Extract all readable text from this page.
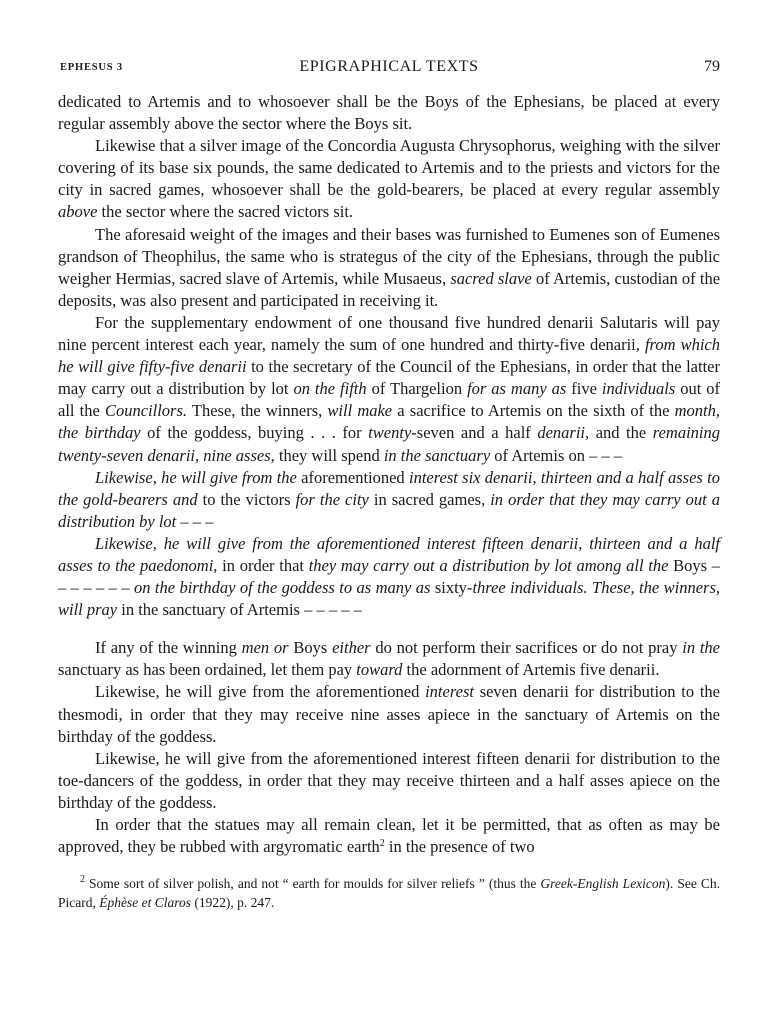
EPHESUS 3	EPIGRAPHICAL TEXTS	79

dedicated to Artemis and to whosoever shall be the Boys of the Ephesians, be placed at every regular assembly above the sector where the Boys sit.

Likewise that a silver image of the Concordia Augusta Chrysophorus, weighing with the silver covering of its base six pounds, the same dedicated to Artemis and to the priests and victors for the city in sacred games, whosoever shall be the gold-bearers, be placed at every regular assembly above the sector where the sacred victors sit.

The aforesaid weight of the images and their bases was furnished to Eumenes son of Eumenes grandson of Theophilus, the same who is strategus of the city of the Ephesians, through the public weigher Hermias, sacred slave of Artemis, while Musaeus, sacred slave of Artemis, custodian of the deposits, was also present and participated in receiving it.

For the supplementary endowment of one thousand five hundred denarii Salutaris will pay nine percent interest each year, namely the sum of one hundred and thirty-five denarii, from which he will give fifty-five denarii to the secretary of the Council of the Ephesians, in order that the latter may carry out a distribution by lot on the fifth of Thargelion for as many as five individuals out of all the Councillors. These, the winners, will make a sacrifice to Artemis on the sixth of the month, the birthday of the goddess, buying . . . for twenty-seven and a half denarii, and the remaining twenty-seven denarii, nine asses, they will spend in the sanctuary of Artemis on – – –

Likewise, he will give from the aforementioned interest six denarii, thirteen and a half asses to the gold-bearers and to the victors for the city in sacred games, in order that they may carry out a distribution by lot – – –

Likewise, he will give from the aforementioned interest fifteen denarii, thirteen and a half asses to the paedonomi, in order that they may carry out a distribution by lot among all the Boys – – – – – – – on the birthday of the goddess to as many as sixty-three individuals. These, the winners, will pray in the sanctuary of Artemis – – – – –

If any of the winning men or Boys either do not perform their sacrifices or do not pray in the sanctuary as has been ordained, let them pay toward the adornment of Artemis five denarii.

Likewise, he will give from the aforementioned interest seven denarii for distribution to the thesmodi, in order that they may receive nine asses apiece in the sanctuary of Artemis on the birthday of the goddess.

Likewise, he will give from the aforementioned interest fifteen denarii for distribution to the toe-dancers of the goddess, in order that they may receive thirteen and a half asses apiece on the birthday of the goddess.

In order that the statues may all remain clean, let it be permitted, that as often as may be approved, they be rubbed with argyromatic earth$^2$ in the presence of two

$^2$ Some sort of silver polish, and not “ earth for moulds for silver reliefs ” (thus the Greek-English Lexicon). See Ch. Picard, Éphèse et Claros (1922), p. 247.
